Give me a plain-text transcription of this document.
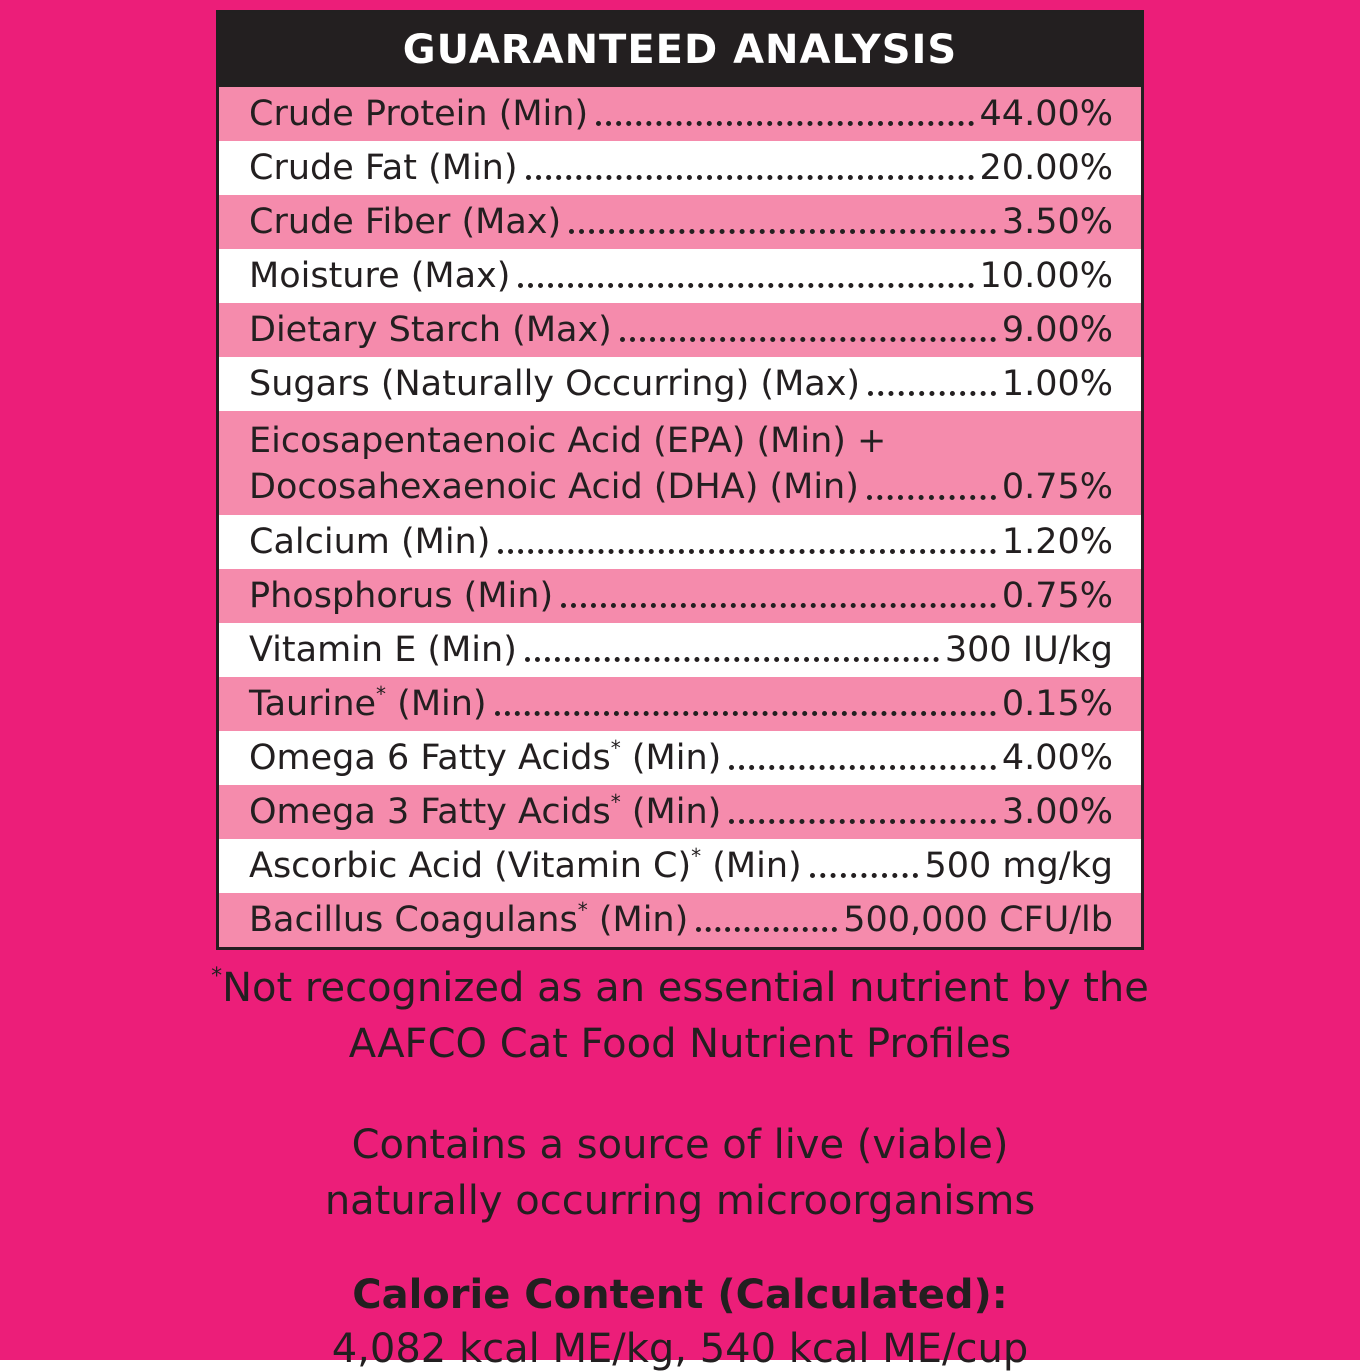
GUARANTEED ANALYSIS
Crude Protein (Min)	44.00%
Crude Fat (Min)	20.00%
Crude Fiber (Max)	3.50%
Moisture (Max)	10.00%
Dietary Starch (Max)	9.00%
Sugars (Naturally Occurring) (Max)	1.00%
Eicosapentaenoic Acid (EPA) (Min) +
Docosahexaenoic Acid (DHA) (Min)	0.75%
Calcium (Min)	1.20%
Phosphorus (Min)	0.75%
Vitamin E (Min)	300 IU/kg
Taurine* (Min)	0.15%
Omega 6 Fatty Acids* (Min)	4.00%
Omega 3 Fatty Acids* (Min)	3.00%
Ascorbic Acid (Vitamin C)* (Min)	500 mg/kg
Bacillus Coagulans* (Min)	500,000 CFU/lb
*Not recognized as an essential nutrient by the
AAFCO Cat Food Nutrient Profiles
Contains a source of live (viable)
naturally occurring microorganisms
Calorie Content (Calculated):
4,082 kcal ME/kg, 540 kcal ME/cup
